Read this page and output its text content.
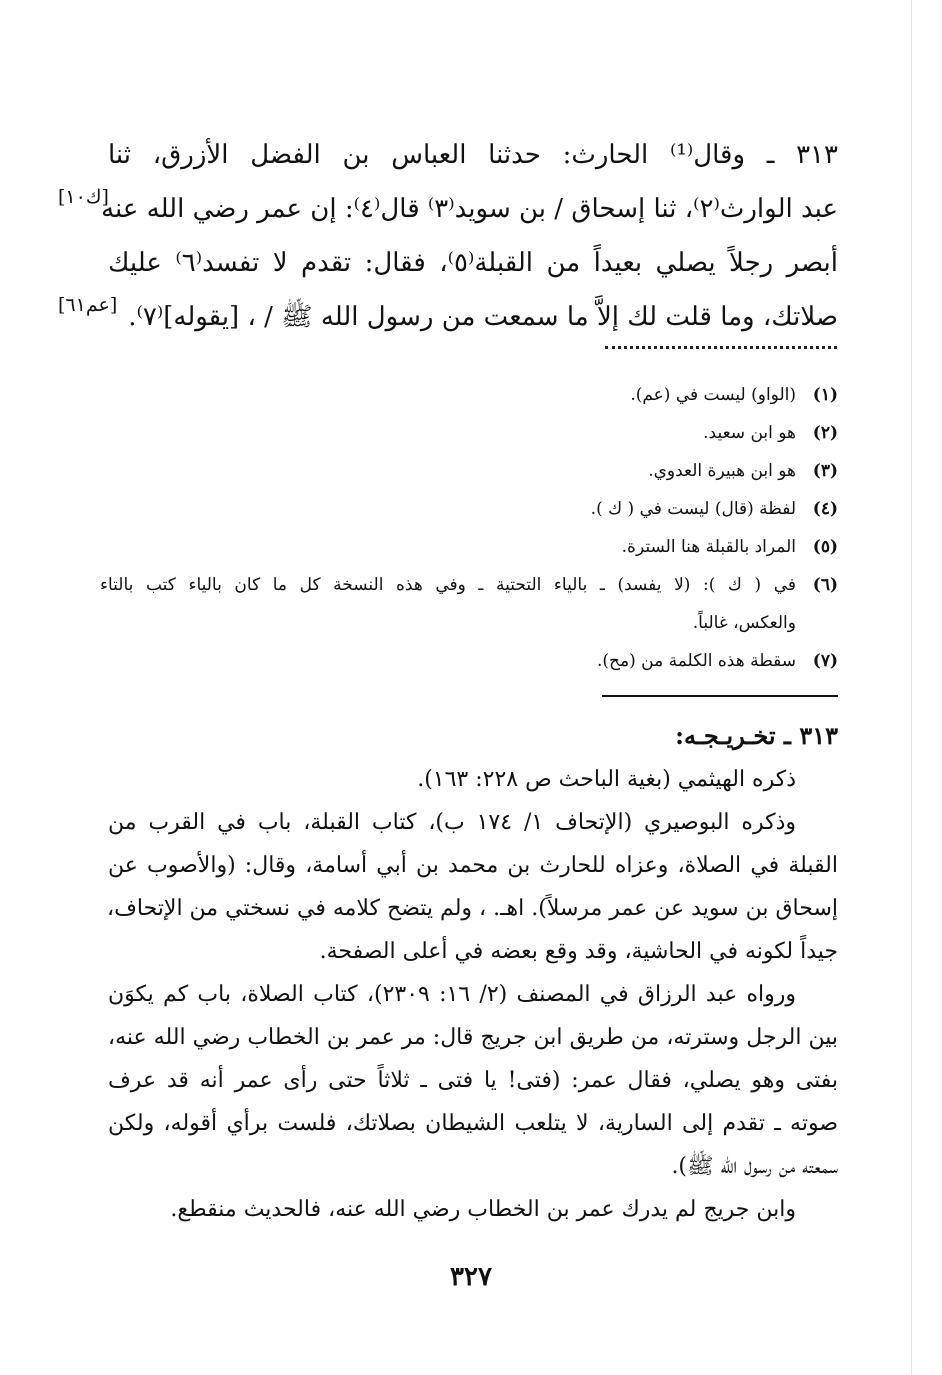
٣١٣ ـ وقال⁽¹⁾ الحارث: حدثنا العباس بن الفضل الأزرق، ثنا
عبد الوارث⁽٢⁾، ثنا إسحاق / بن سويد⁽٣⁾ قال⁽٤⁾: إن عمر رضي الله عنه
أبصر رجلاً يصلي بعيداً من القبلة⁽٥⁾، فقال: تقدم لا تفسد⁽٦⁾ عليك
صلاتك، وما قلت لك إلاَّ ما سمعت من رسول الله ﷺ / ، [يقوله]⁽٧⁾.
[ك١٠]
[عم٦١]
(١)
(الواو) ليست في (عم).
(٢)
هو ابن سعيد.
(٣)
هو ابن هبيرة العدوي.
(٤)
لفظة (قال) ليست في ( ك ).
(٥)
المراد بالقبلة هنا السترة.
(٦)
في ( ك ): (لا يفسد) ـ بالياء التحتية ـ وفي هذه النسخة كل ما كان بالياء كتب بالتاء
والعكس، غالباً.
(٧)
سقطة هذه الكلمة من (مح).
٣١٣ ـ تخـريـجـه:
ذكره الهيثمي (بغية الباحث ص ٢٢٨: ١٦٣).
وذكره البوصيري (الإتحاف ١/ ١٧٤ ب)، كتاب القبلة، باب في القرب من
القبلة في الصلاة، وعزاه للحارث بن محمد بن أبي أسامة، وقال: (والأصوب عن
إسحاق بن سويد عن عمر مرسلاً). اهـ. ، ولم يتضح كلامه في نسختي من الإتحاف،
جيداً لكونه في الحاشية، وقد وقع بعضه في أعلى الصفحة.
ورواه عبد الرزاق في المصنف (٢/ ١٦: ٢٣٠٩)، كتاب الصلاة، باب كم يكوَن
بين الرجل وسترته، من طريق ابن جريج قال: مر عمر بن الخطاب رضي الله عنه،
بفتى وهو يصلي، فقال عمر: (فتى! يا فتى ـ ثلاثاً حتى رأى عمر أنه قد عرف
صوته ـ تقدم إلى السارية، لا يتلعب الشيطان بصلاتك، فلست برأي أقوله، ولكن
سمعته من رسول الله ﷺ).
وابن جريج لم يدرك عمر بن الخطاب رضي الله عنه، فالحديث منقطع.
٣٢٧
